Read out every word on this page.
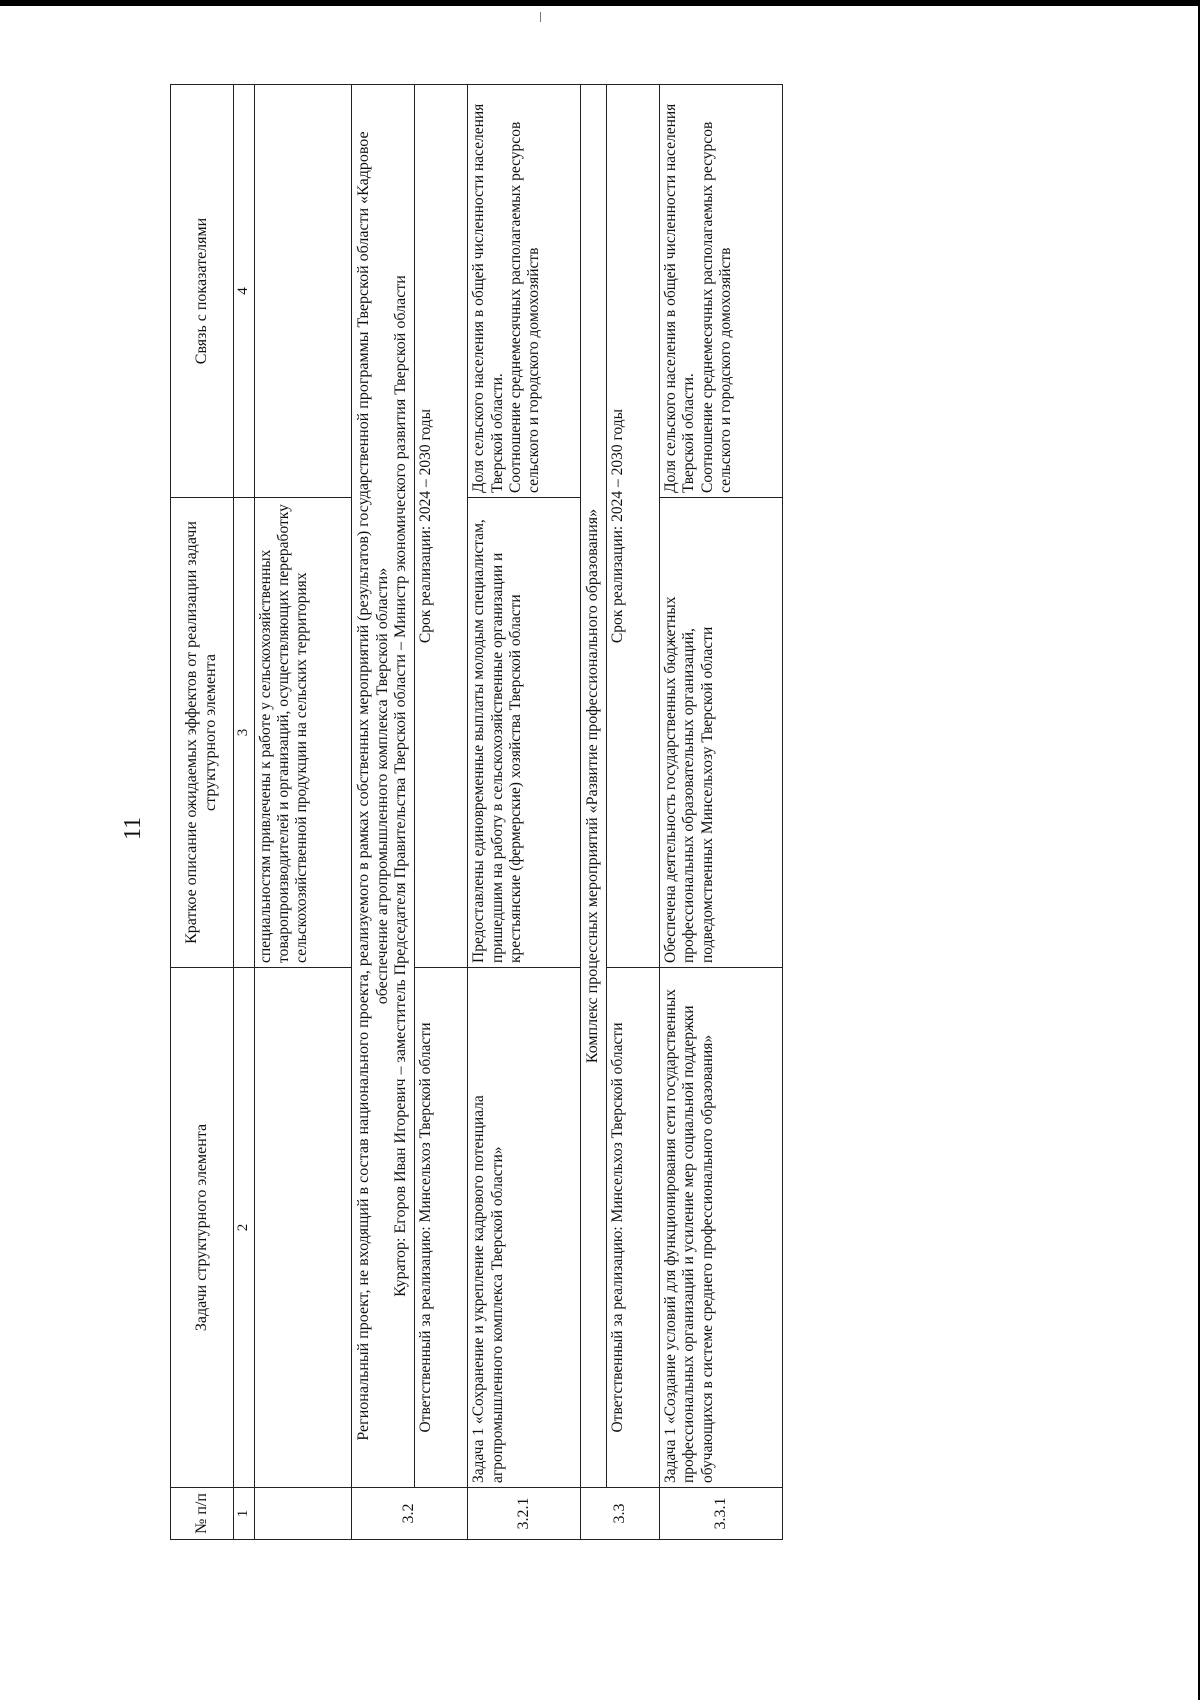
11
№ п/п	Задачи структурного элемента	Краткое описание ожидаемых эффектов от реализации задачи структурного элемента	Связь с показателями
1	2	3	4
		специальностям привлечены к работе у сельскохозяйственных товаропроизводителей и организаций, осуществляющих переработку сельскохозяйственной продукции на сельских территориях	
3.2	Региональный проект, не входящий в состав национального проекта, реализуемого в рамках собственных мероприятий (результатов) государственной программы Тверской области «Кадровое обеспечение агропромышленного комплекса Тверской области» Куратор: Егоров Иван Игоревич – заместитель Председателя Правительства Тверской области – Министр экономического развития Тверской области		

	Ответственный за реализацию: Минсельхоз Тверской области	Срок реализации: 2024 – 2030 годы	
3.2.1	Задача 1 «Сохранение и укрепление кадрового потенциала агропромышленного комплекса Тверской области»	Предоставлены единовременные выплаты молодым специалистам, пришедшим на работу в сельскохозяйственные организации и крестьянские (фермерские) хозяйства Тверской области	Доля сельского населения в общей численности населения Тверской области. Соотношение среднемесячных располагаемых ресурсов сельского и городского домохозяйств

3.3	Комплекс процессных мероприятий «Развитие профессионального образования»		
	Ответственный за реализацию: Минсельхоз Тверской области	Срок реализации: 2024 – 2030 годы	
3.3.1	Задача 1 «Создание условий для функционирования сети государственных профессиональных организаций и усиление мер социальной поддержки обучающихся в системе среднего профессионального образования»	Обеспечена деятельность государственных бюджетных профессиональных образовательных организаций, подведомственных Минсельхозу Тверской области	Доля сельского населения в общей численности населения Тверской области. Соотношение среднемесячных располагаемых ресурсов сельского и городского домохозяйств
